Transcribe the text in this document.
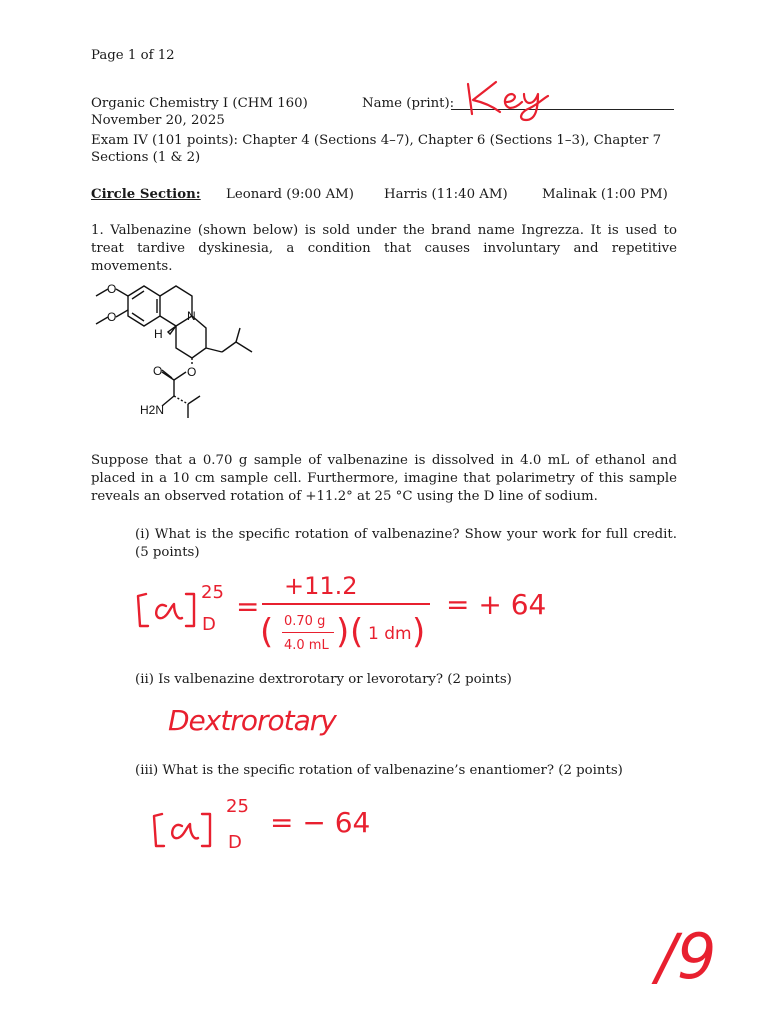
Page 1 of 12
Organic Chemistry I (CHM 160)	Name (print):
November 20, 2025
Exam IV (101 points): Chapter 4 (Sections 4–7), Chapter 6 (Sections 1–3), Chapter 7
Sections (1 & 2)
Circle Section: Leonard (9:00 AM) Harris (11:40 AM)	Malinak (1:00 PM)
1. Valbenazine (shown below) is sold under the brand name Ingrezza. It is used to treat tardive dyskinesia, a condition that causes involuntary and repetitive movements.
O
O	N
H
O
O
H2N
Suppose that a 0.70 g sample of valbenazine is dissolved in 4.0 mL of ethanol and placed in a 10 cm sample cell. Furthermore, imagine that polarimetry of this sample reveals an observed rotation of +11.2° at 25 °C using the D line of sodium.
(i) What is the specific rotation of valbenazine? Show your work for full credit. (5 points)
25
D
=
+11.2
( 0.70 g
4.0 mL ) ( 1 dm )
= + 64
(ii) Is valbenazine dextrorotary or levorotary? (2 points)
Dextrorotary
(iii) What is the specific rotation of valbenazine’s enantiomer? (2 points)
25
D
= − 64
/9
